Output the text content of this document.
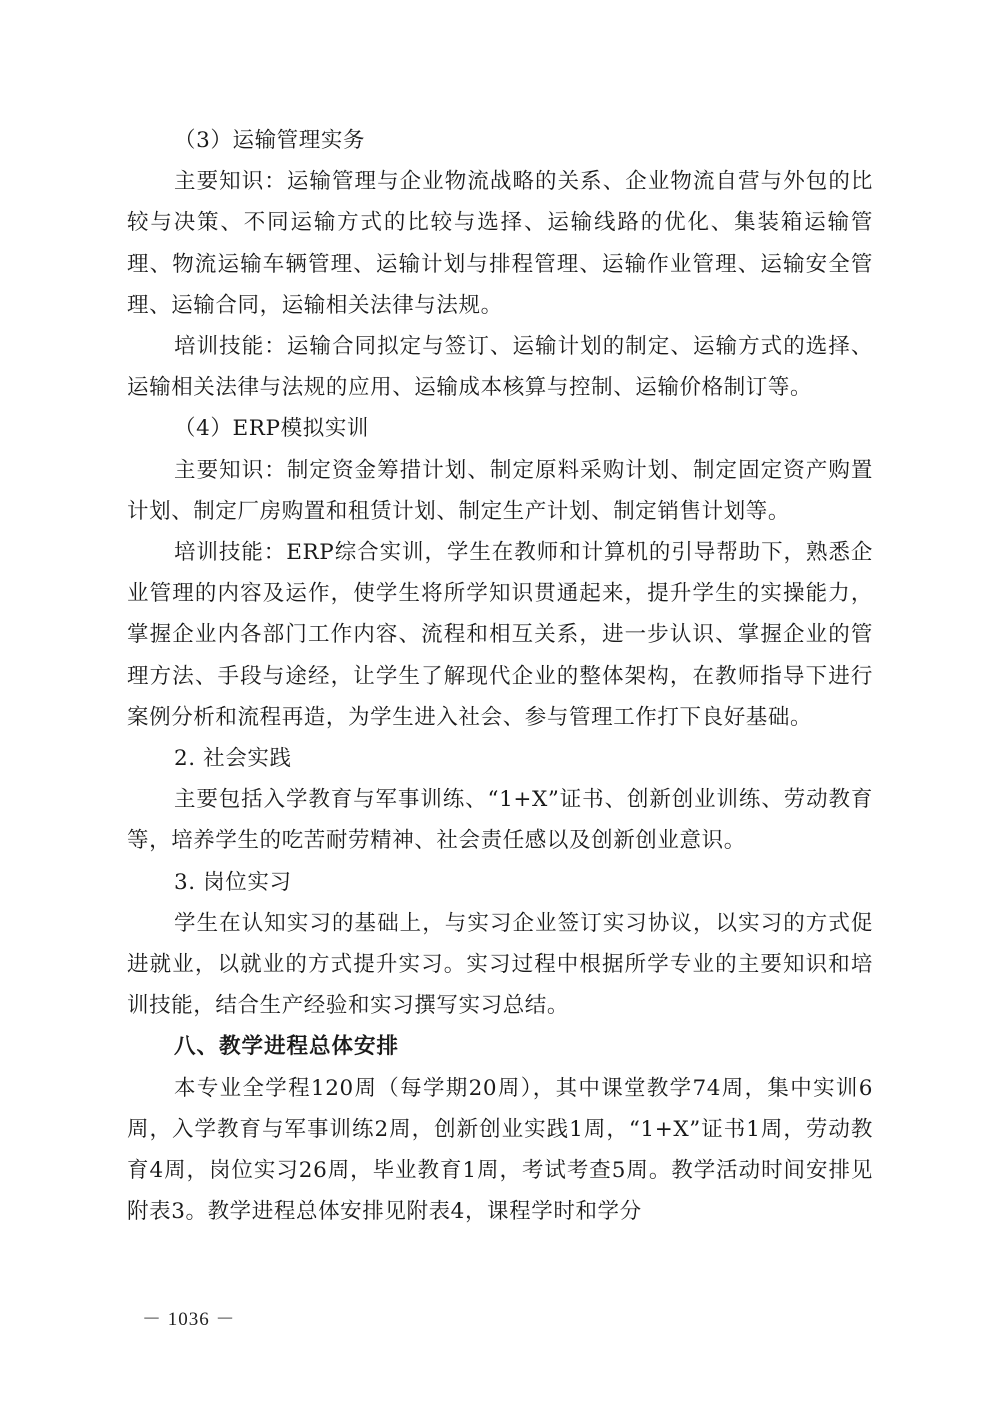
（3）运输管理实务

主要知识：运输管理与企业物流战略的关系、企业物流自营与外包的比较与决策、不同运输方式的比较与选择、运输线路的优化、集装箱运输管理、物流运输车辆管理、运输计划与排程管理、运输作业管理、运输安全管理、运输合同，运输相关法律与法规。

培训技能：运输合同拟定与签订、运输计划的制定、运输方式的选择、运输相关法律与法规的应用、运输成本核算与控制、运输价格制订等。

（4）ERP模拟实训

主要知识：制定资金筹措计划、制定原料采购计划、制定固定资产购置计划、制定厂房购置和租赁计划、制定生产计划、制定销售计划等。

培训技能：ERP综合实训，学生在教师和计算机的引导帮助下，熟悉企业管理的内容及运作，使学生将所学知识贯通起来，提升学生的实操能力，掌握企业内各部门工作内容、流程和相互关系，进一步认识、掌握企业的管理方法、手段与途经，让学生了解现代企业的整体架构，在教师指导下进行案例分析和流程再造，为学生进入社会、参与管理工作打下良好基础。

2. 社会实践

主要包括入学教育与军事训练、“1+X”证书、创新创业训练、劳动教育等，培养学生的吃苦耐劳精神、社会责任感以及创新创业意识。

3. 岗位实习

学生在认知实习的基础上，与实习企业签订实习协议，以实习的方式促进就业，以就业的方式提升实习。实习过程中根据所学专业的主要知识和培训技能，结合生产经验和实习撰写实习总结。

八、教学进程总体安排

本专业全学程120周（每学期20周），其中课堂教学74周，集中实训6周，入学教育与军事训练2周，创新创业实践1周，“1+X”证书1周，劳动教育4周，岗位实习26周，毕业教育1周，考试考查5周。教学活动时间安排见附表3。教学进程总体安排见附表4，课程学时和学分

－ 1036 －
